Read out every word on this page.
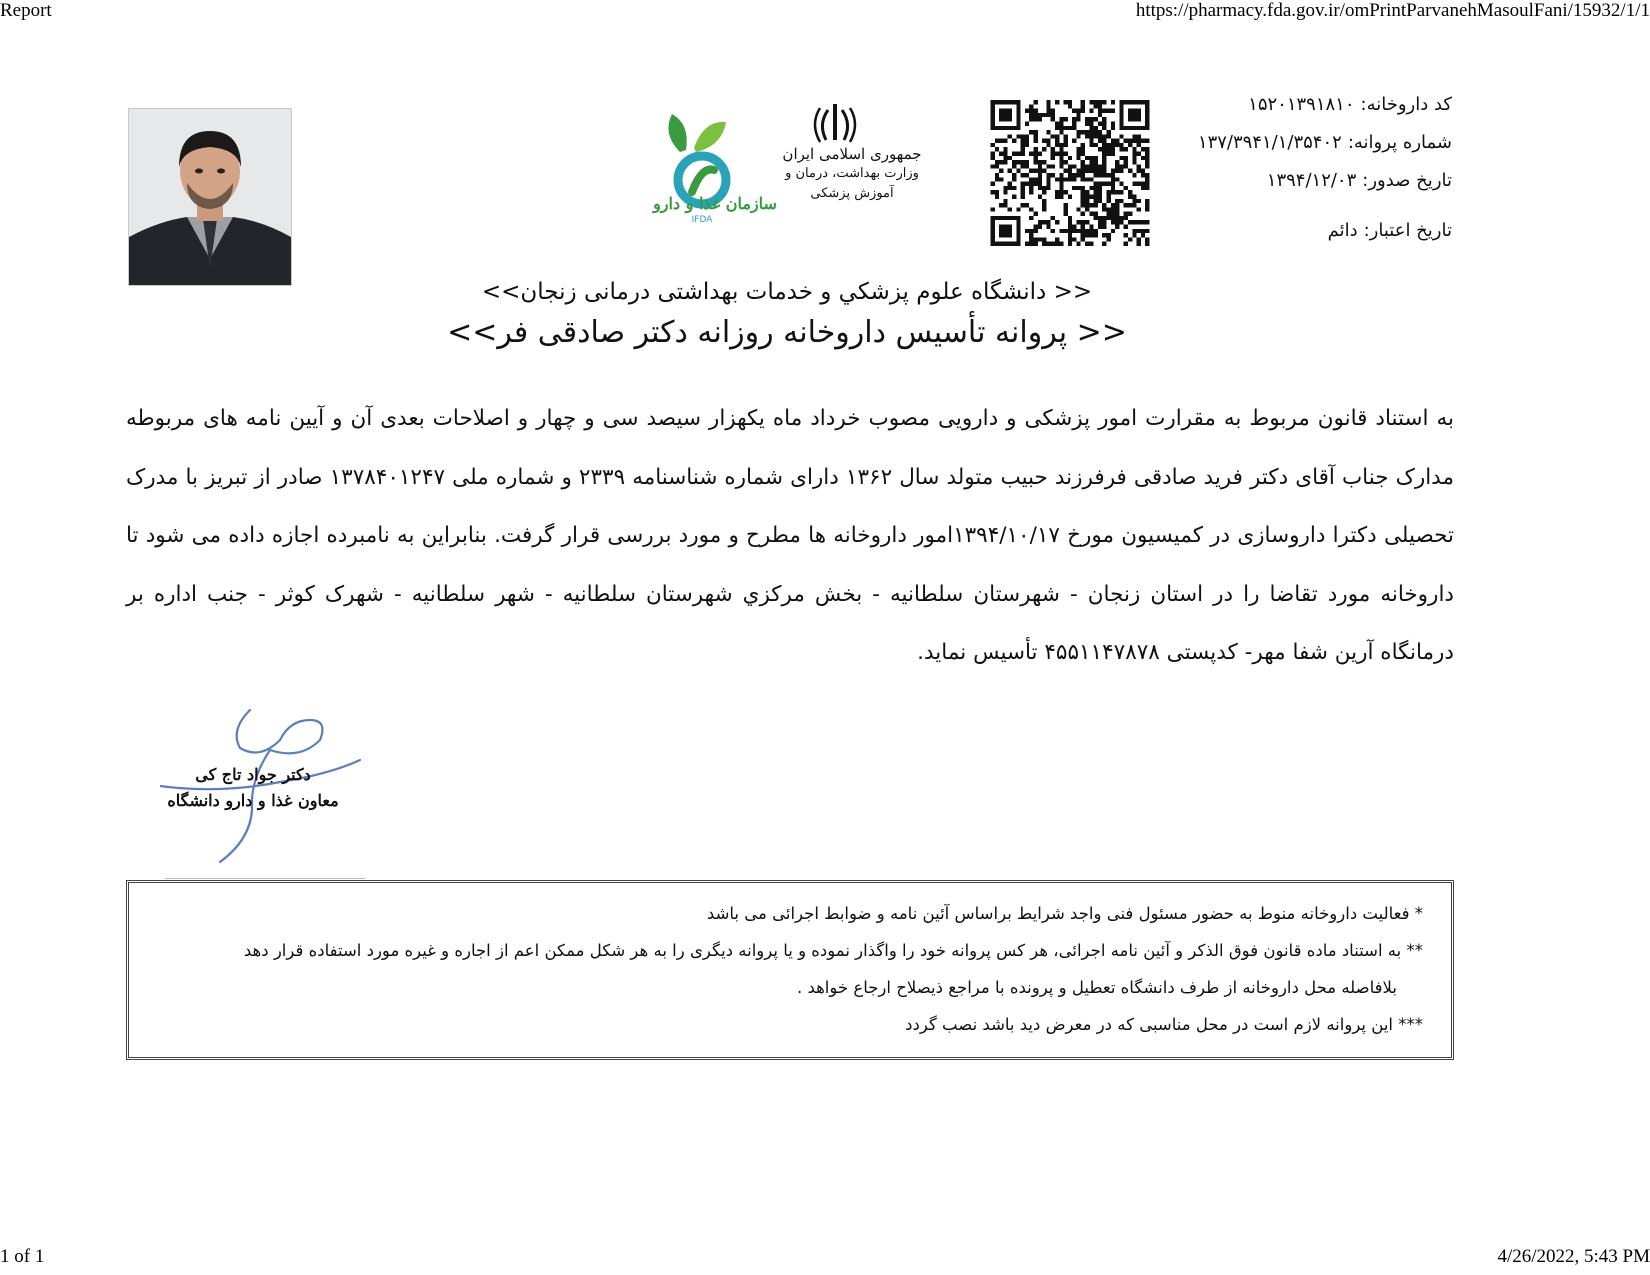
Report	https://pharmacy.fda.gov.ir/omPrintParvanehMasoulFani/15932/1/1
1 of 1	4/26/2022, 5:43 PM
IFDA
جمهوری اسلامی ایران
وزارت بهداشت، درمان و آموزش پزشکی
سازمان غذا و دارو
کد داروخانه:۱۵۲۰۱۳۹۱۸۱۰
شماره پروانه:۱۳۷/۳۹۴۱/۱/۳۵۴۰۲
تاریخ صدور:۱۳۹۴/۱۲/۰۳
تاریخ اعتبار:دائم
<< دانشگاه علوم پزشكي و خدمات بهداشتی درمانی زنجان>>
<< پروانه تأسیس داروخانه روزانه دکتر صادقی فر>>

به استناد قانون مربوط به مقرارت امور پزشکی و دارویی مصوب خرداد ماه یکهزار سیصد سی و چهار و اصلاحات بعدی آن و آیین نامه های مربوطه مدارک جناب آقای دکتر فرید صادقی فرفرزند حبیب متولد سال ۱۳۶۲ دارای شماره شناسنامه ۲۳۳۹ و شماره ملی ۱۳۷۸۴۰۱۲۴۷ صادر از تبریز با مدرک تحصیلی دکترا داروسازی در کمیسیون مورخ ۱۳۹۴/۱۰/۱۷امور داروخانه ها مطرح و مورد بررسی قرار گرفت. بنابراین به نامبرده اجازه داده می شود تا داروخانه مورد تقاضا را در استان زنجان - شهرستان سلطانيه - بخش مرکزي شهرستان سلطانيه - شهر سلطانيه - شهرک کوثر - جنب اداره بر درمانگاه آرین شفا مهر- کدپستی ۴۵۵۱۱۴۷۸۷۸ تأسیس نماید.

دکتر جواد تاج کی
معاون غذا و دارو دانشگاه

* فعالیت داروخانه منوط به حضور مسئول فنی واجد شرایط براساس آئین نامه و ضوابط اجرائی می باشد

** به استناد ماده قانون فوق الذکر و آئین نامه اجرائی، هر کس پروانه خود را واگذار نموده و یا پروانه دیگری را به هر شکل ممکن اعم از اجاره و غیره مورد استفاده قرار دهد

بلافاصله محل داروخانه از طرف دانشگاه تعطیل و پرونده با مراجع ذیصلاح ارجاع خواهد .

*** این پروانه لازم است در محل مناسبی که در معرض دید باشد نصب گردد
